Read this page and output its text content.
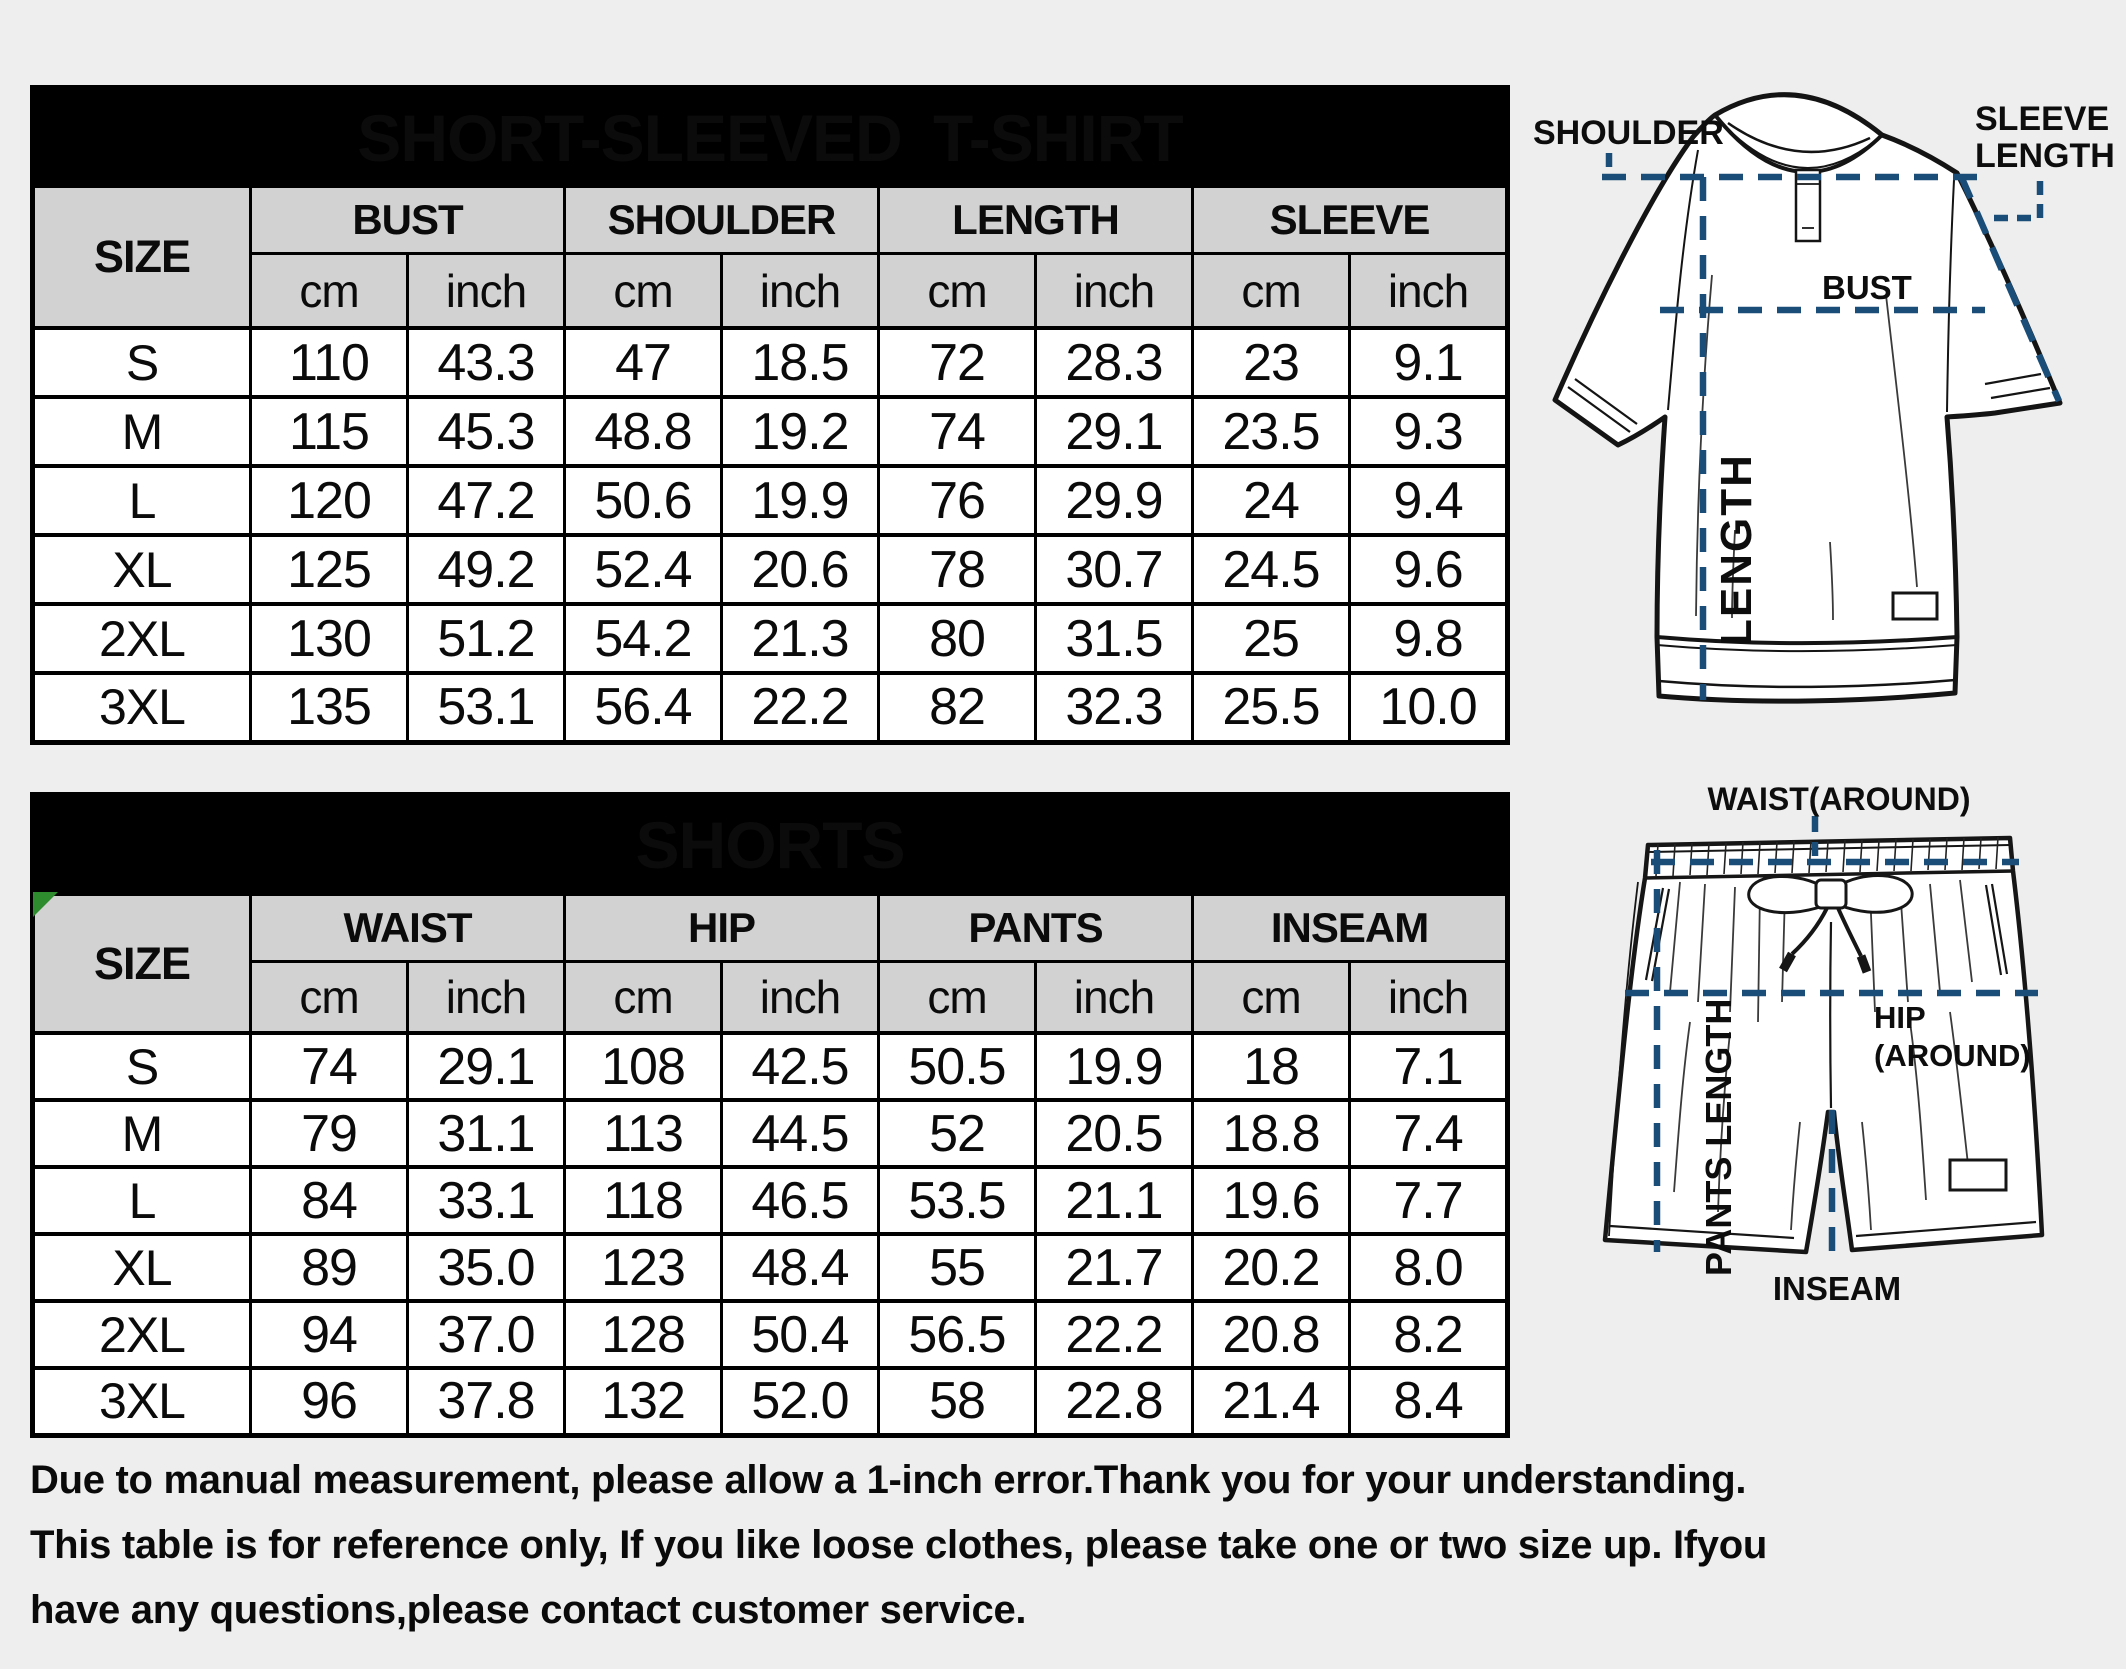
SHORT-SLEEVED T-SHIRT								
SIZE	BUST		SHOULDER		LENGTH		SLEEVE	
	cm	inch	cm	inch	cm	inch	cm	inch
S	110	43.3	47	18.5	72	28.3	23	9.1
M	115	45.3	48.8	19.2	74	29.1	23.5	9.3
L	120	47.2	50.6	19.9	76	29.9	24	9.4
XL	125	49.2	52.4	20.6	78	30.7	24.5	9.6
2XL	130	51.2	54.2	21.3	80	31.5	25	9.8
3XL	135	53.1	56.4	22.2	82	32.3	25.5	10.0
SHORTS								
SIZE	WAIST		HIP		PANTS		INSEAM	
	cm	inch	cm	inch	cm	inch	cm	inch
S	74	29.1	108	42.5	50.5	19.9	18	7.1
M	79	31.1	113	44.5	52	20.5	18.8	7.4
L	84	33.1	118	46.5	53.5	21.1	19.6	7.7
XL	89	35.0	123	48.4	55	21.7	20.2	8.0
2XL	94	37.0	128	50.4	56.5	22.2	20.8	8.2
3XL	96	37.8	132	52.0	58	22.8	21.4	8.4
SHOULDER	SLEEVE
LENGTH
BUST
LENGTH
WAIST(AROUND)
HIP
(AROUND)
PANTS LENGTH
INSEAM

Due to manual measurement, please allow a 1-inch error.Thank you for your understanding.

This table is for reference only, If you like loose clothes, please take one or two size up. Ifyou

have any questions,please contact customer service.
